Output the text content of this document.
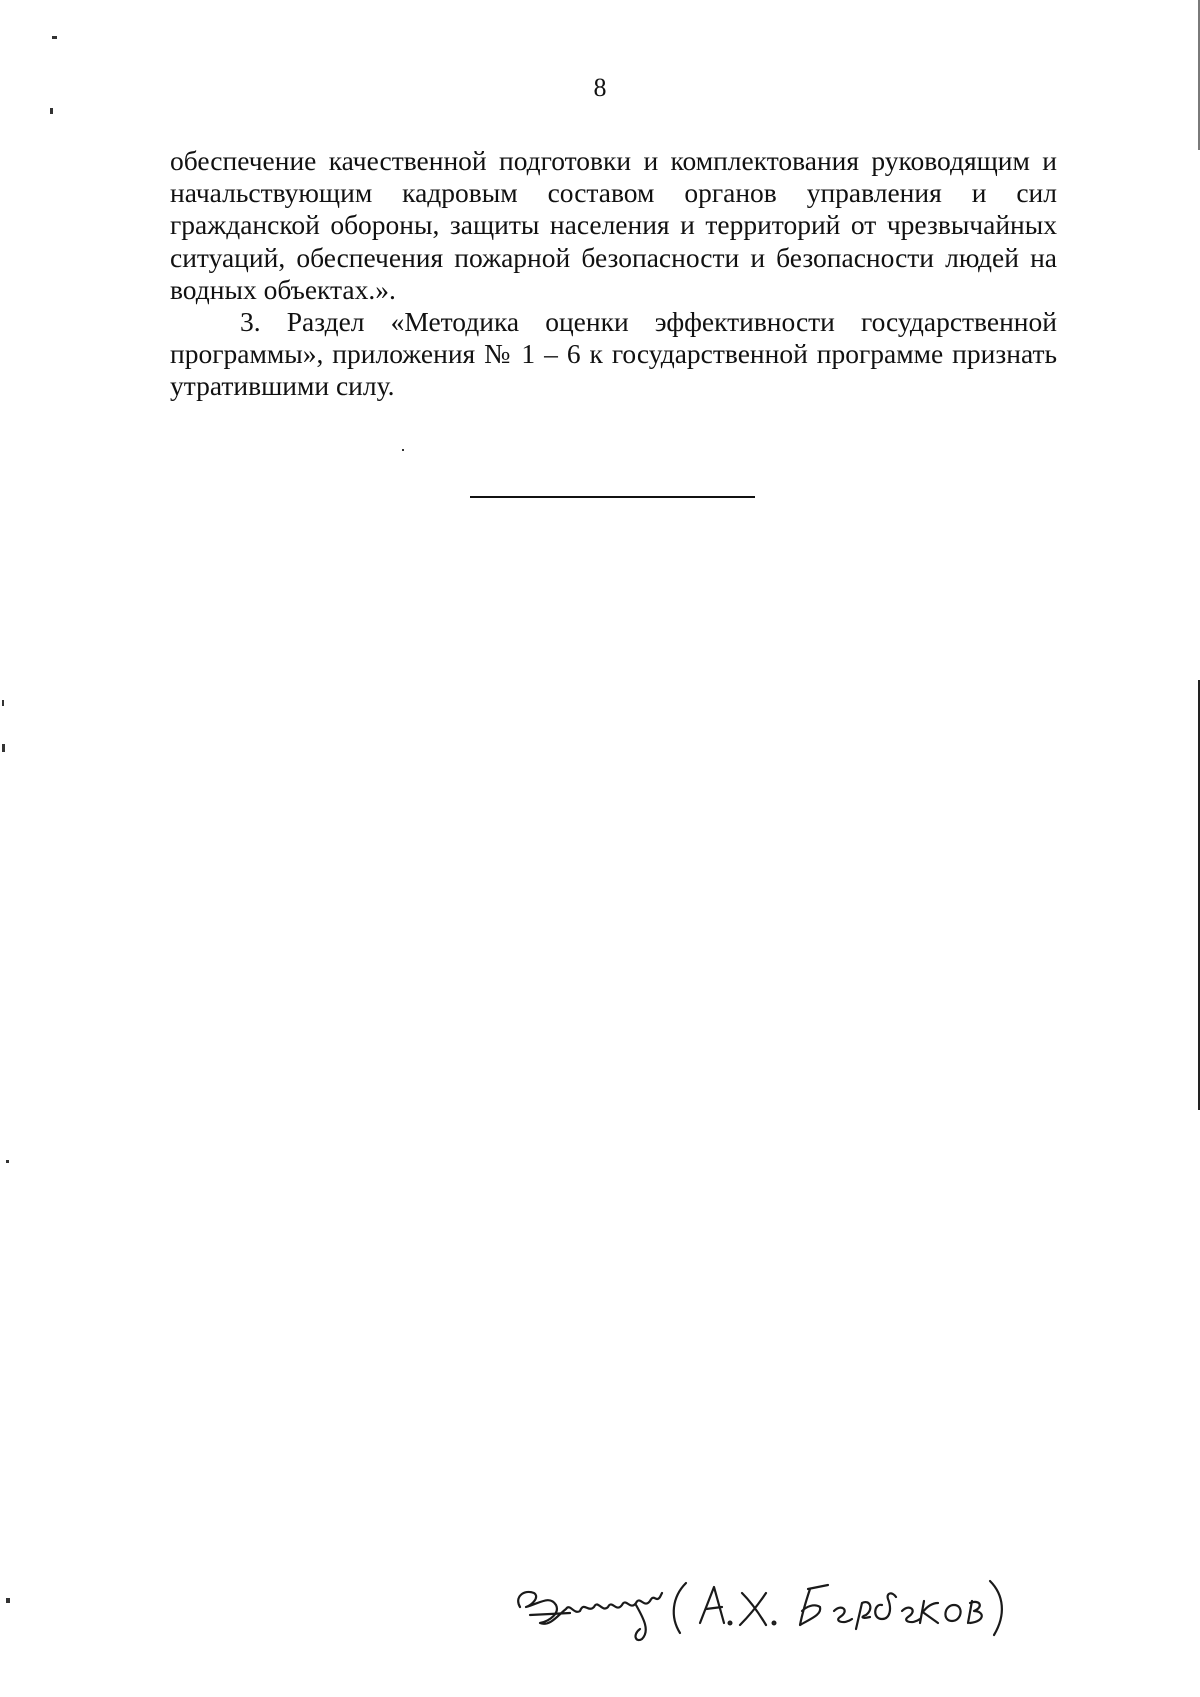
8

обеспечение качественной подготовки и комплектования руководящим и начальствующим кадровым составом органов управления и сил гражданской обороны, защиты населения и территорий от чрезвычайных ситуаций, обеспечения пожарной безопасности и безопасности людей на водных объектах.».

3. Раздел «Методика оценки эффективности государственной программы», приложения № 1 – 6 к государственной программе признать утратившими силу.
